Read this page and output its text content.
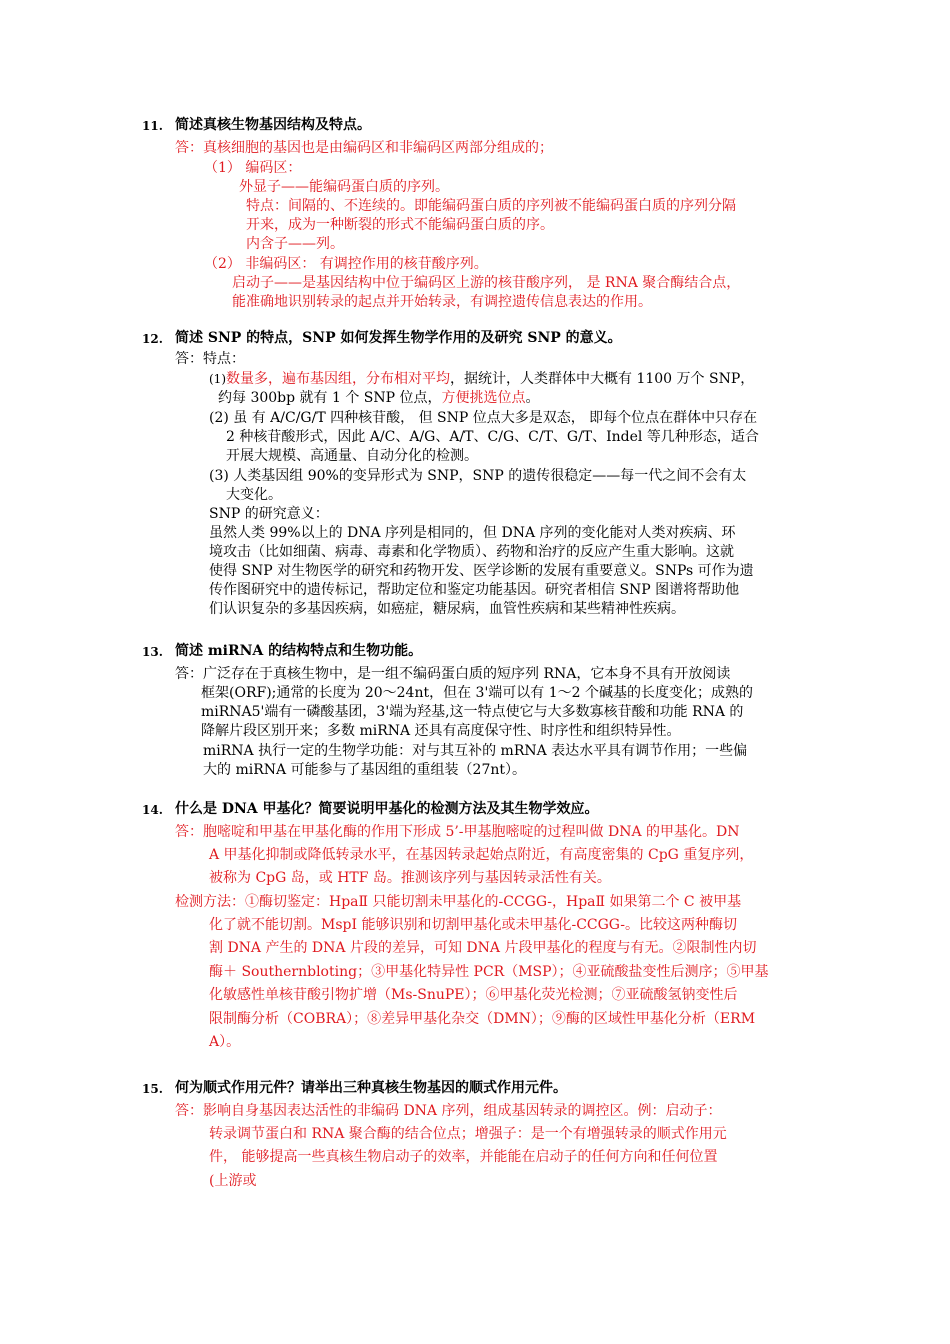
11. 简述真核生物基因结构及特点。
答：真核细胞的基因也是由编码区和非编码区两部分组成的；
（1） 编码区：
外显子——能编码蛋白质的序列。
特点：间隔的、不连续的。即能编码蛋白质的序列被不能编码蛋白质的序列分隔
开来，成为一种断裂的形式不能编码蛋白质的序。
内含子——列。
（2） 非编码区： 有调控作用的核苷酸序列。
启动子——是基因结构中位于编码区上游的核苷酸序列， 是 RNA 聚合酶结合点，
能准确地识别转录的起点并开始转录，有调控遗传信息表达的作用。
12. 简述 SNP 的特点，SNP 如何发挥生物学作用的及研究 SNP 的意义。
答：特点：
(1)数量多，遍布基因组，分布相对平均，据统计，人类群体中大概有 1100 万个 SNP，
约每 300bp 就有 1 个 SNP 位点，方便挑选位点。
(2) 虽 有 A/C/G/T 四种核苷酸， 但 SNP 位点大多是双态， 即每个位点在群体中只存在
2 种核苷酸形式，因此 A/C、A/G、A/T、C/G、C/T、G/T、Indel 等几种形态，适合
开展大规模、高通量、自动分化的检测。
(3) 人类基因组 90%的变异形式为 SNP，SNP 的遗传很稳定——每一代之间不会有太
大变化。
SNP 的研究意义：
虽然人类 99%以上的 DNA 序列是相同的，但 DNA 序列的变化能对人类对疾病、环
境攻击（比如细菌、病毒、毒素和化学物质）、药物和治疗的反应产生重大影响。这就
使得 SNP 对生物医学的研究和药物开发、医学诊断的发展有重要意义。SNPs 可作为遗
传作图研究中的遗传标记，帮助定位和鉴定功能基因。研究者相信 SNP 图谱将帮助他
们认识复杂的多基因疾病，如癌症，糖尿病，血管性疾病和某些精神性疾病。
13. 简述 miRNA 的结构特点和生物功能。
答：广泛存在于真核生物中，是一组不编码蛋白质的短序列 RNA，它本身不具有开放阅读
框架(ORF);通常的长度为 20～24nt，但在 3'端可以有 1～2 个碱基的长度变化；成熟的
miRNA5'端有一磷酸基团，3'端为羟基,这一特点使它与大多数寡核苷酸和功能 RNA 的
降解片段区别开来；多数 miRNA 还具有高度保守性、时序性和组织特异性。
miRNA 执行一定的生物学功能：对与其互补的 mRNA 表达水平具有调节作用；一些偏
大的 miRNA 可能参与了基因组的重组装（27nt）。
14. 什么是 DNA 甲基化？简要说明甲基化的检测方法及其生物学效应。
答：胞嘧啶和甲基在甲基化酶的作用下形成 5’-甲基胞嘧啶的过程叫做 DNA 的甲基化。DN
A 甲基化抑制或降低转录水平，在基因转录起始点附近，有高度密集的 CpG 重复序列，
被称为 CpG 岛，或 HTF 岛。推测该序列与基因转录活性有关。
检测方法：①酶切鉴定：HpaⅡ 只能切割未甲基化的-CCGG-，HpaⅡ 如果第二个 C 被甲基
化了就不能切割。MspⅠ 能够识别和切割甲基化或未甲基化-CCGG-。比较这两种酶切
割 DNA 产生的 DNA 片段的差异，可知 DNA 片段甲基化的程度与有无。②限制性内切
酶＋ Southernbloting；③甲基化特异性 PCR（MSP）；④亚硫酸盐变性后测序；⑤甲基
化敏感性单核苷酸引物扩增（Ms-SnuPE）；⑥甲基化荧光检测；⑦亚硫酸氢钠变性后
限制酶分析（COBRA）；⑧差异甲基化杂交（DMN）；⑨酶的区域性甲基化分析（ERM
A）。
15. 何为顺式作用元件？请举出三种真核生物基因的顺式作用元件。
答：影响自身基因表达活性的非编码 DNA 序列，组成基因转录的调控区。例：启动子：
转录调节蛋白和 RNA 聚合酶的结合位点；增强子：是一个有增强转录的顺式作用元
件， 能够提高一些真核生物启动子的效率，并能能在启动子的任何方向和任何位置
(上游或
